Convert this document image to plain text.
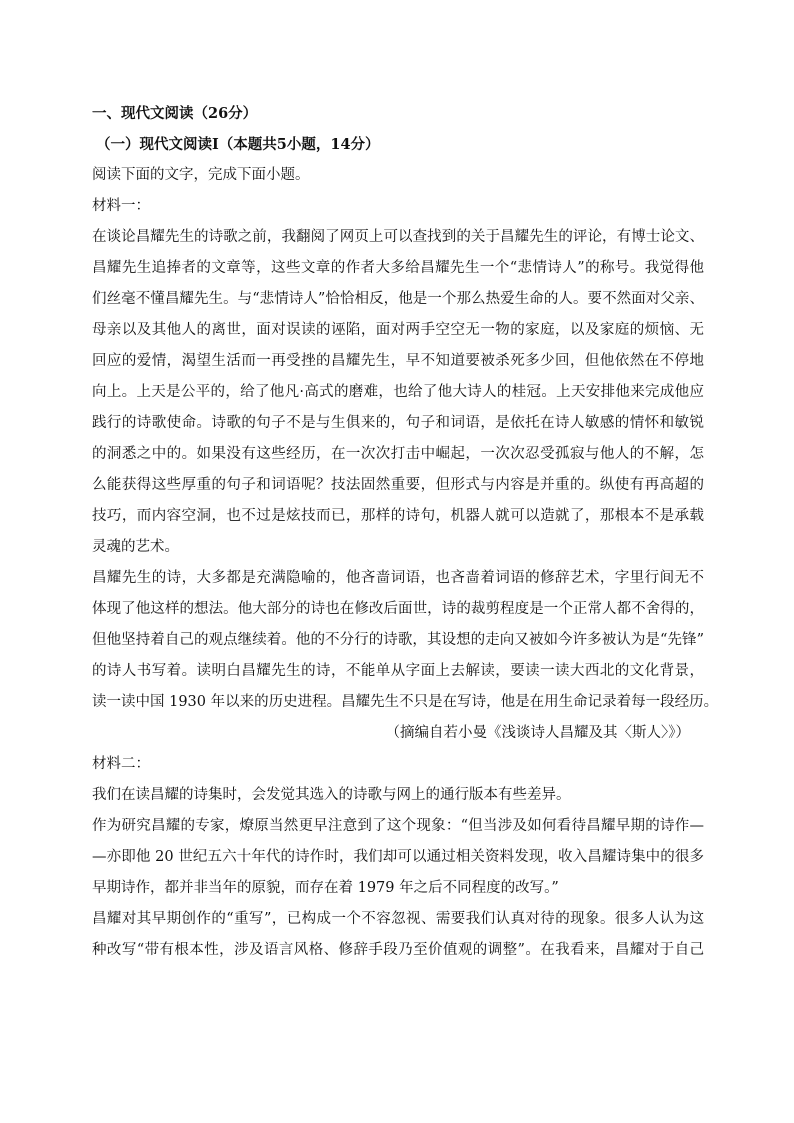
一、现代文阅读（26分）
（一）现代文阅读Ⅰ（本题共5小题，14分）
阅读下面的文字，完成下面小题。
材料一：
在谈论昌耀先生的诗歌之前，我翻阅了网页上可以查找到的关于昌耀先生的评论，有博士论文、
昌耀先生追捧者的文章等，这些文章的作者大多给昌耀先生一个“悲情诗人”的称号。我觉得他
们丝毫不懂昌耀先生。与“悲情诗人”恰恰相反，他是一个那么热爱生命的人。要不然面对父亲、
母亲以及其他人的离世，面对误读的诬陷，面对两手空空无一物的家庭，以及家庭的烦恼、无
回应的爱情，渴望生活而一再受挫的昌耀先生，早不知道要被杀死多少回，但他依然在不停地
向上。上天是公平的，给了他凡·高式的磨难，也给了他大诗人的桂冠。上天安排他来完成他应
践行的诗歌使命。诗歌的句子不是与生俱来的，句子和词语，是依托在诗人敏感的情怀和敏锐
的洞悉之中的。如果没有这些经历，在一次次打击中崛起，一次次忍受孤寂与他人的不解，怎
么能获得这些厚重的句子和词语呢？技法固然重要，但形式与内容是并重的。纵使有再高超的
技巧，而内容空洞，也不过是炫技而已，那样的诗句，机器人就可以造就了，那根本不是承载
灵魂的艺术。
昌耀先生的诗，大多都是充满隐喻的，他吝啬词语，也吝啬着词语的修辞艺术，字里行间无不
体现了他这样的想法。他大部分的诗也在修改后面世，诗的裁剪程度是一个正常人都不舍得的，
但他坚持着自己的观点继续着。他的不分行的诗歌，其设想的走向又被如今许多被认为是“先锋”
的诗人书写着。读明白昌耀先生的诗，不能单从字面上去解读，要读一读大西北的文化背景，
读一读中国 1930 年以来的历史进程。昌耀先生不只是在写诗，他是在用生命记录着每一段经历。
（摘编自若小曼《浅谈诗人昌耀及其〈斯人〉》）
材料二：
我们在读昌耀的诗集时，会发觉其选入的诗歌与网上的通行版本有些差异。
作为研究昌耀的专家，燎原当然更早注意到了这个现象：“但当涉及如何看待昌耀早期的诗作—
—亦即他 20 世纪五六十年代的诗作时，我们却可以通过相关资料发现，收入昌耀诗集中的很多
早期诗作，都并非当年的原貌，而存在着 1979 年之后不同程度的改写。”
昌耀对其早期创作的“重写”，已构成一个不容忽视、需要我们认真对待的现象。很多人认为这
种改写“带有根本性，涉及语言风格、修辞手段乃至价值观的调整”。在我看来，昌耀对于自己
